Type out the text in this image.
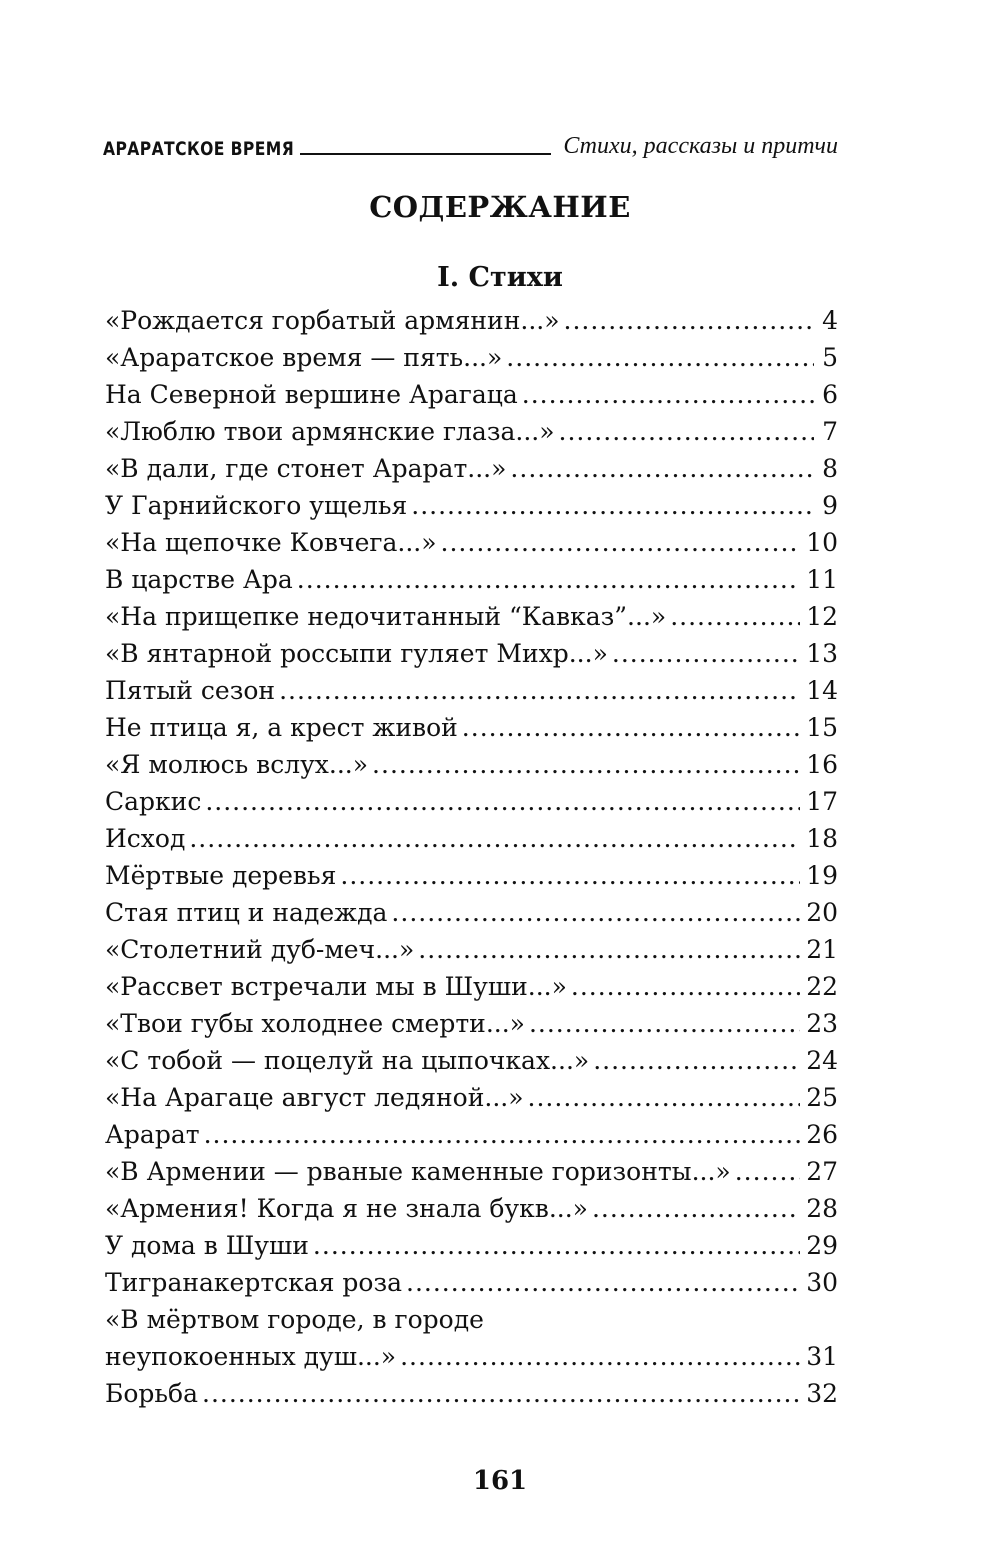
АРАРАТСКОЕ ВРЕМЯ	Стихи, рассказы и притчи
СОДЕРЖАНИЕ
I. Стихи
«Рождается горбатый армянин...» .....	4
«Араратское время — пять...» .....	5
На Северной вершине Арагаца .....	6
«Люблю твои армянские глаза...» .....	7
«В дали, где стонет Арарат...» .....	8
У Гарнийского ущелья .....	9
«На щепочке Ковчега...» .....	10
В царстве Ара .....	11
«На прищепке недочитанный “Кавказ”...» .....	12
«В янтарной россыпи гуляет Михр...» .....	13
Пятый сезон .....	14
Не птица я, а крест живой .....	15
«Я молюсь вслух...» .....	16
Саркис .....	17
Исход .....	18
Мёртвые деревья .....	19
Стая птиц и надежда .....	20
«Столетний дуб-меч...» .....	21
«Рассвет встречали мы в Шуши...» .....	22
«Твои губы холоднее смерти...» .....	23
«С тобой — поцелуй на цыпочках...» .....	24
«На Арагаце август ледяной...» .....	25
Арарат .....	26
«В Армении — рваные каменные горизонты...» .....	27
«Армения! Когда я не знала букв...» .....	28
У дома в Шуши .....	29
Тигранакертская роза .....	30
«В мёртвом городе, в городе
неупокоенных душ...» .....	31
Борьба .....	32
161
